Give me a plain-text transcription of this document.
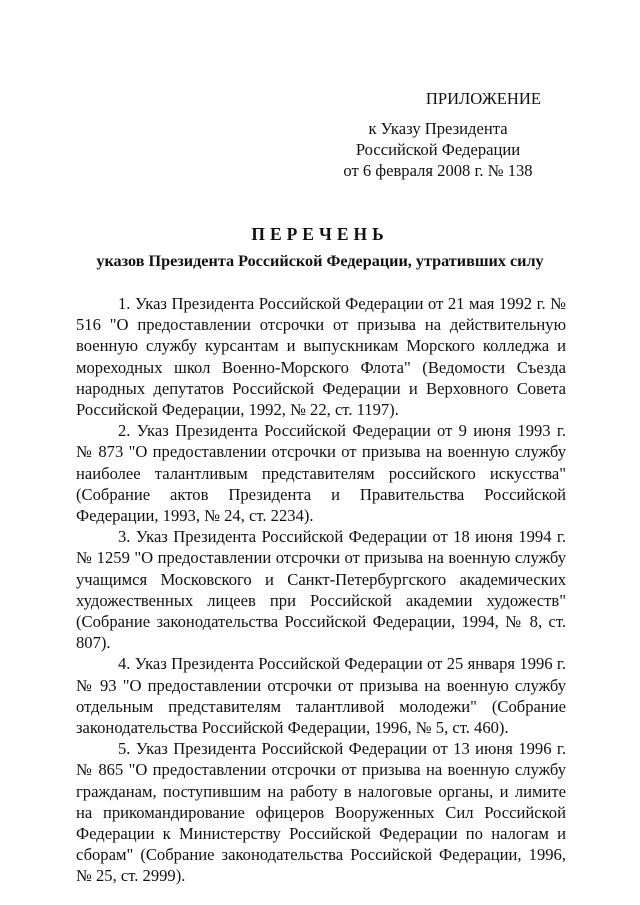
ПРИЛОЖЕНИЕ
к Указу Президента
Российской Федерации
от 6 февраля 2008 г. № 138
ПЕРЕЧЕНЬ
указов Президента Российской Федерации, утративших силу

1. Указ Президента Российской Федерации от 21 мая 1992 г. № 516 "О предоставлении отсрочки от призыва на действительную военную службу курсантам и выпускникам Морского колледжа и мореходных школ Военно-Морского Флота" (Ведомости Съезда народных депутатов Российской Федерации и Верховного Совета Российской Федерации, 1992, № 22, ст. 1197).

2. Указ Президента Российской Федерации от 9 июня 1993 г. № 873 "О предоставлении отсрочки от призыва на военную службу наиболее талантливым представителям российского искусства" (Собрание актов Президента и Правительства Российской Федерации, 1993, № 24, ст. 2234).

3. Указ Президента Российской Федерации от 18 июня 1994 г. № 1259 "О предоставлении отсрочки от призыва на военную службу учащимся Московского и Санкт-Петербургского академических художественных лицеев при Российской академии художеств" (Собрание законодательства Российской Федерации, 1994, № 8, ст. 807).

4. Указ Президента Российской Федерации от 25 января 1996 г. № 93 "О предоставлении отсрочки от призыва на военную службу отдельным представителям талантливой молодежи" (Собрание законодательства Российской Федерации, 1996, № 5, ст. 460).

5. Указ Президента Российской Федерации от 13 июня 1996 г. № 865 "О предоставлении отсрочки от призыва на военную службу гражданам, поступившим на работу в налоговые органы, и лимите на прикомандирование офицеров Вооруженных Сил Российской Федерации к Министерству Российской Федерации по налогам и сборам" (Собрание законодательства Российской Федерации, 1996, № 25, ст. 2999).
